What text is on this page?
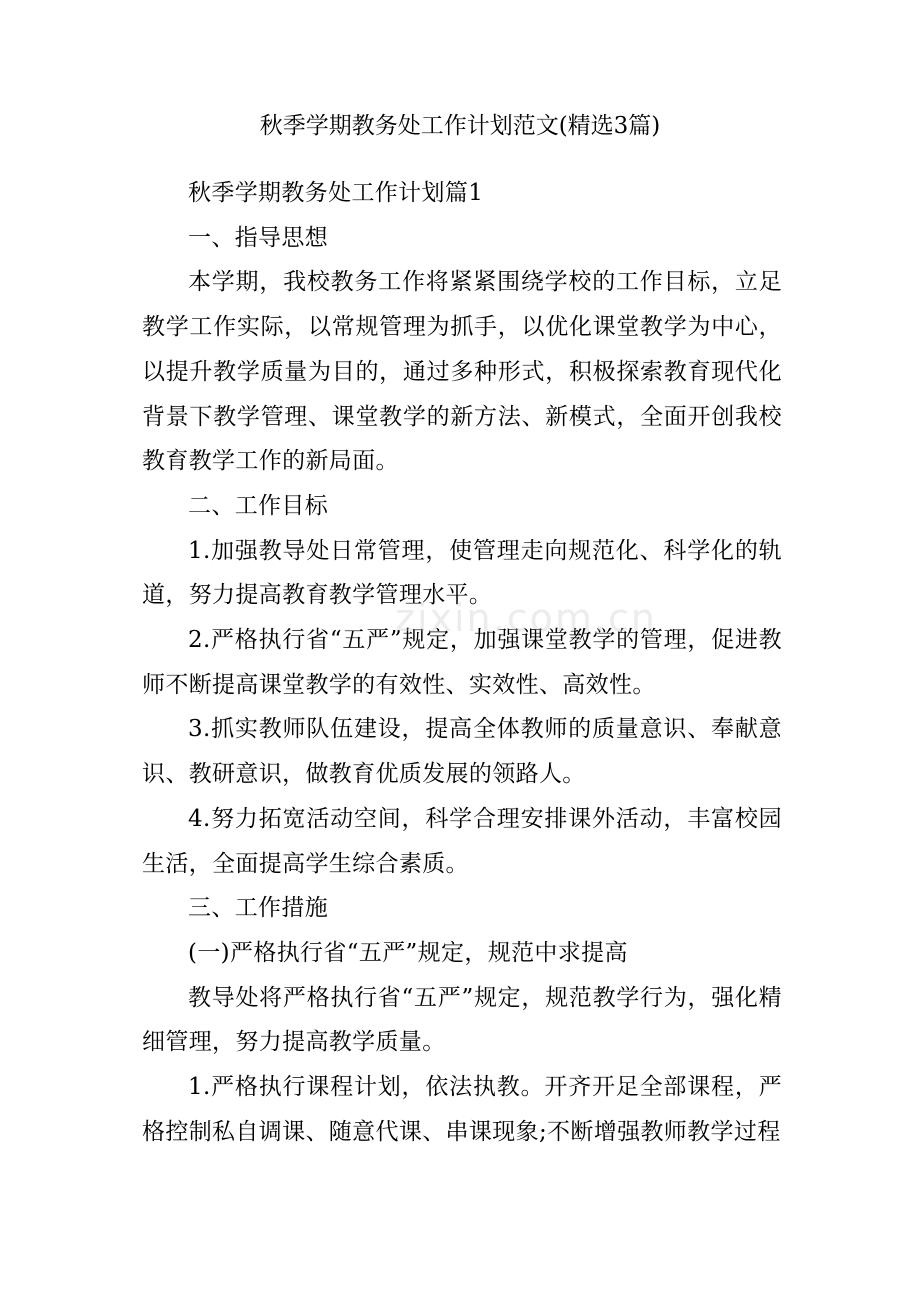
秋季学期教务处工作计划范文(精选3篇)

秋季学期教务处工作计划篇1

一、指导思想

本学期，我校教务工作将紧紧围绕学校的工作目标，立足教学工作实际，以常规管理为抓手，以优化课堂教学为中心，以提升教学质量为目的，通过多种形式，积极探索教育现代化背景下教学管理、课堂教学的新方法、新模式，全面开创我校教育教学工作的新局面。

二、工作目标

1.加强教导处日常管理，使管理走向规范化、科学化的轨道，努力提高教育教学管理水平。

2.严格执行省“五严”规定，加强课堂教学的管理，促进教师不断提高课堂教学的有效性、实效性、高效性。

3.抓实教师队伍建设，提高全体教师的质量意识、奉献意识、教研意识，做教育优质发展的领路人。

4.努力拓宽活动空间，科学合理安排课外活动，丰富校园生活，全面提高学生综合素质。

三、工作措施

(一)严格执行省“五严”规定，规范中求提高

教导处将严格执行省“五严”规定，规范教学行为，强化精细管理，努力提高教学质量。

1.严格执行课程计划，依法执教。开齐开足全部课程，严格控制私自调课、随意代课、串课现象;不断增强教师教学过程

zixin.com.cn
